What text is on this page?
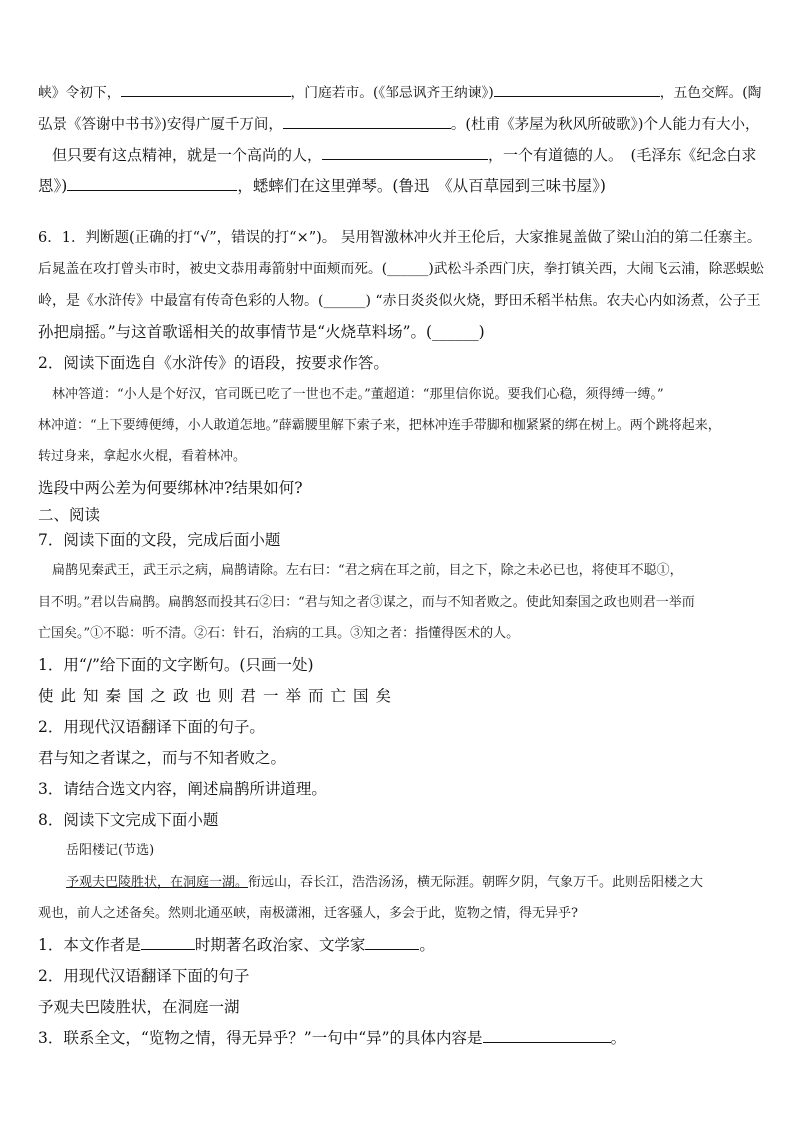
峡》令初下，	，门庭若市。(《邹忌讽齐王纳谏》)	，五色交辉。(陶
弘景《答谢中书书》)安得广厦千万间，	。(杜甫《茅屋为秋风所破歌》)个人能力有大小，
但只要有这点精神，就是一个高尚的人，	，一个有道德的人。　(毛泽东《纪念白求
恩》)	，蟋蟀们在这里弹琴。(鲁迅　《从百草园到三味书屋》)
6．1．判断题(正确的打“√”，错误的打“×”)。 吴用智激林冲火并王伦后，大家推晁盖做了梁山泊的第二任寨主。
后晁盖在攻打曾头市时，被史文恭用毒箭射中面颊而死。(______)武松斗杀西门庆，拳打镇关西，大闹飞云浦，除恶蜈蚣
岭，是《水浒传》中最富有传奇色彩的人物。(______) “赤日炎炎似火烧，野田禾稻半枯焦。农夫心内如汤煮，公子王
孙把扇摇。”与这首歌谣相关的故事情节是“火烧草料场”。(______)
2．阅读下面选自《水浒传》的语段，按要求作答。
林冲答道：“小人是个好汉，官司既已吃了一世也不走。”董超道：“那里信你说。要我们心稳，须得缚一缚。”
林冲道：“上下要缚便缚，小人敢道怎地。”薛霸腰里解下索子来，把林冲连手带脚和枷紧紧的绑在树上。两个跳将起来，
转过身来，拿起水火棍，看着林冲。
选段中两公差为何要绑林冲?结果如何?
二、阅读
7．阅读下面的文段，完成后面小题
扁鹊见秦武王，武王示之病，扁鹊请除。左右曰：“君之病在耳之前，目之下，除之未必已也，将使耳不聪①，
目不明。”君以告扁鹊。扁鹊怒而投其石②曰：“君与知之者③谋之，而与不知者败之。使此知秦国之政也则君一举而
亡国矣。”①不聪：听不清。②石：针石，治病的工具。③知之者：指懂得医术的人。
1．用“/”给下面的文字断句。(只画一处)
使此知秦国之政也则君一举而亡国矣
2．用现代汉语翻译下面的句子。
君与知之者谋之，而与不知者败之。
3．请结合选文内容，阐述扁鹊所讲道理。
8．阅读下文完成下面小题
岳阳楼记(节选)
予观夫巴陵胜状，在洞庭一湖。衔远山，吞长江，浩浩汤汤，横无际涯。朝晖夕阴，气象万千。此则岳阳楼之大
观也，前人之述备矣。然则北通巫峡，南极潇湘，迁客骚人，多会于此，览物之情，得无异乎?
1．本文作者是	时期著名政治家、文学家	。
2．用现代汉语翻译下面的句子
予观夫巴陵胜状，在洞庭一湖
3．联系全文，“览物之情，得无异乎？”一句中“异”的具体内容是	。
